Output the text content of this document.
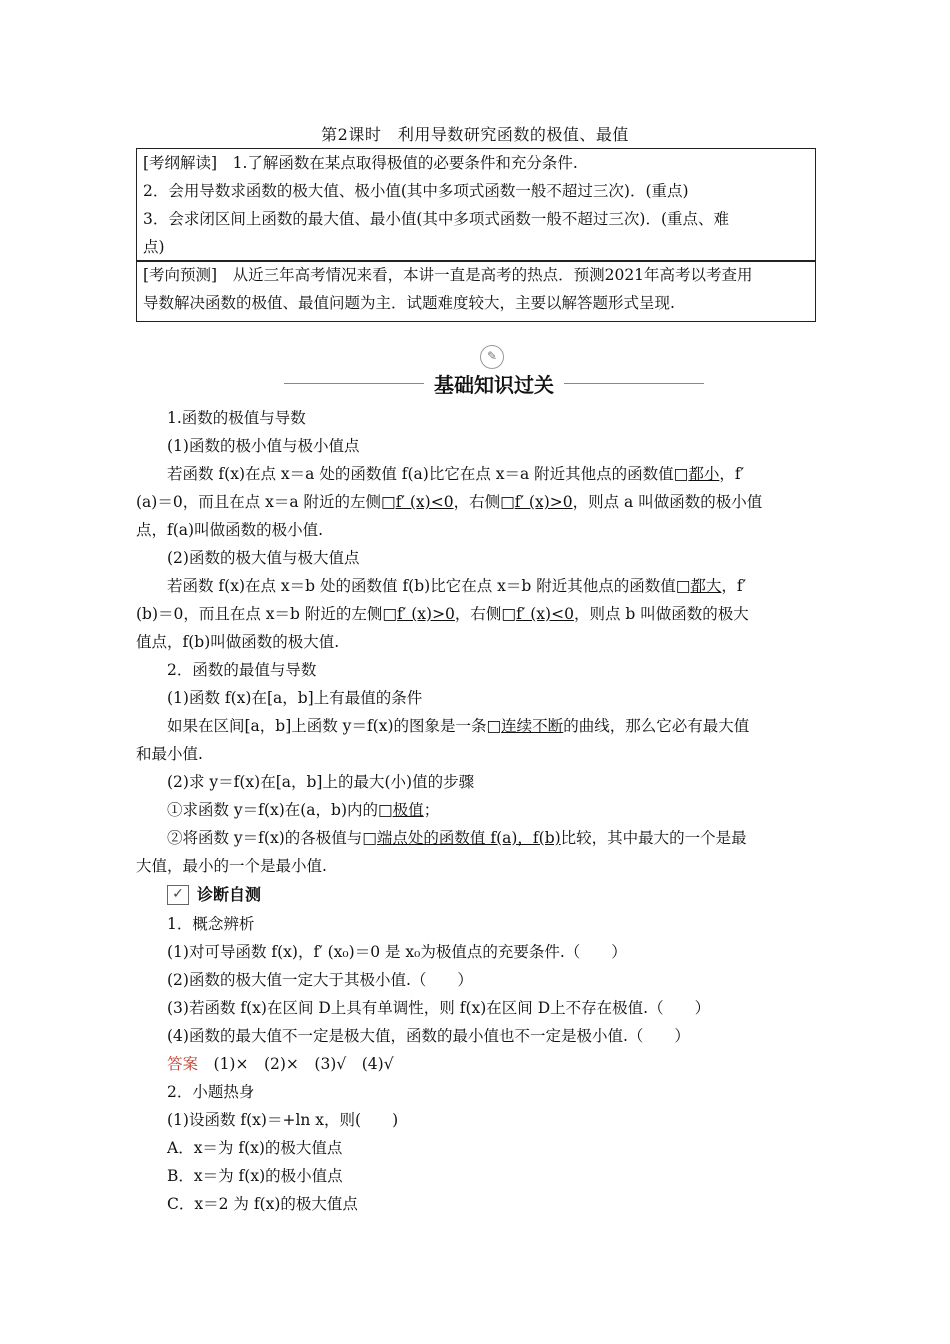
第2课时　利用导数研究函数的极值、最值
[考纲解读]　1.了解函数在某点取得极值的必要条件和充分条件.
2．会用导数求函数的极大值、极小值(其中多项式函数一般不超过三次)．(重点)
3．会求闭区间上函数的最大值、最小值(其中多项式函数一般不超过三次)．(重点、难
点)
[考向预测]　从近三年高考情况来看，本讲一直是高考的热点．预测2021年高考以考查用
导数解决函数的极值、最值问题为主．试题难度较大，主要以解答题形式呈现.
✎
基础知识过关

1.函数的极值与导数

(1)函数的极小值与极小值点

若函数 f(x)在点 x＝a 处的函数值 f(a)比它在点 x＝a 附近其他点的函数值□都小，f′

(a)＝0，而且在点 x＝a 附近的左侧□f′ (x)<0，右侧□f′ (x)>0，则点 a 叫做函数的极小值

点，f(a)叫做函数的极小值.

(2)函数的极大值与极大值点

若函数 f(x)在点 x＝b 处的函数值 f(b)比它在点 x＝b 附近其他点的函数值□都大，f′

(b)＝0，而且在点 x＝b 附近的左侧□f′ (x)>0，右侧□f′ (x)<0，则点 b 叫做函数的极大

值点，f(b)叫做函数的极大值.

2．函数的最值与导数

(1)函数 f(x)在[a，b]上有最值的条件

如果在区间[a，b]上函数 y＝f(x)的图象是一条□连续不断的曲线，那么它必有最大值

和最小值.

(2)求 y＝f(x)在[a，b]上的最大(小)值的步骤

①求函数 y＝f(x)在(a，b)内的□极值；

②将函数 y＝f(x)的各极值与□端点处的函数值 f(a)，f(b)比较，其中最大的一个是最

大值，最小的一个是最小值.

✓ 诊断自测

1．概念辨析

(1)对可导函数 f(x)，f′ (x₀)＝0 是 x₀为极值点的充要条件.（　　）

(2)函数的极大值一定大于其极小值.（　　）

(3)若函数 f(x)在区间 D上具有单调性，则 f(x)在区间 D上不存在极值.（　　）

(4)函数的最大值不一定是极大值，函数的最小值也不一定是极小值.（　　）

答案　(1)×　(2)×　(3)√　(4)√

2．小题热身

(1)设函数 f(x)＝+ln x，则(　　)

A．x＝为 f(x)的极大值点

B．x＝为 f(x)的极小值点

C．x＝2 为 f(x)的极大值点
